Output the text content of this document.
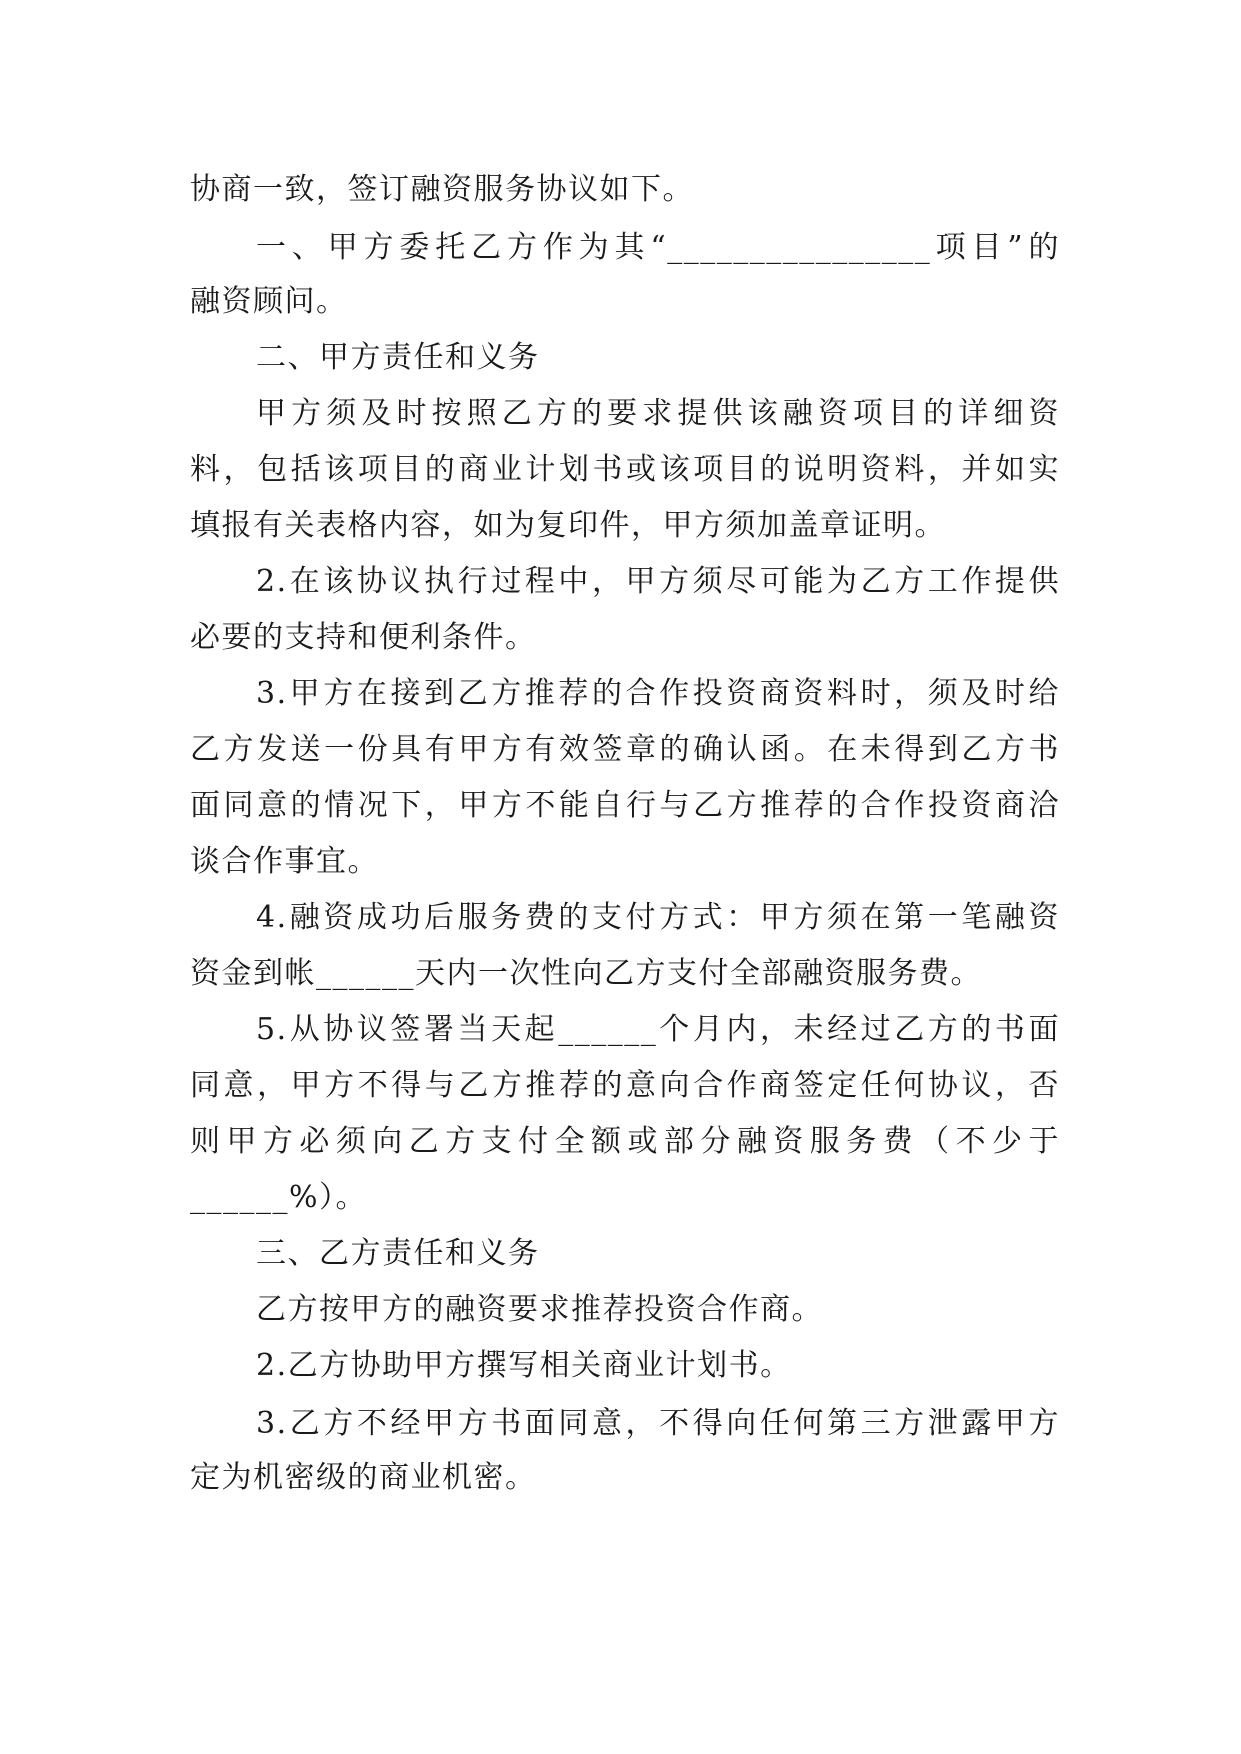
协商一致，签订融资服务协议如下。
一、甲方委托乙方作为其“________________项目”的
融资顾问。
二、甲方责任和义务
甲方须及时按照乙方的要求提供该融资项目的详细资
料，包括该项目的商业计划书或该项目的说明资料，并如实
填报有关表格内容，如为复印件，甲方须加盖章证明。
2.在该协议执行过程中，甲方须尽可能为乙方工作提供
必要的支持和便利条件。
3.甲方在接到乙方推荐的合作投资商资料时，须及时给
乙方发送一份具有甲方有效签章的确认函。在未得到乙方书
面同意的情况下，甲方不能自行与乙方推荐的合作投资商洽
谈合作事宜。
4.融资成功后服务费的支付方式：甲方须在第一笔融资
资金到帐______天内一次性向乙方支付全部融资服务费。
5.从协议签署当天起______个月内，未经过乙方的书面
同意，甲方不得与乙方推荐的意向合作商签定任何协议，否
则甲方必须向乙方支付全额或部分融资服务费（不少于
______%）。
三、乙方责任和义务
乙方按甲方的融资要求推荐投资合作商。
2.乙方协助甲方撰写相关商业计划书。
3.乙方不经甲方书面同意，不得向任何第三方泄露甲方
定为机密级的商业机密。
